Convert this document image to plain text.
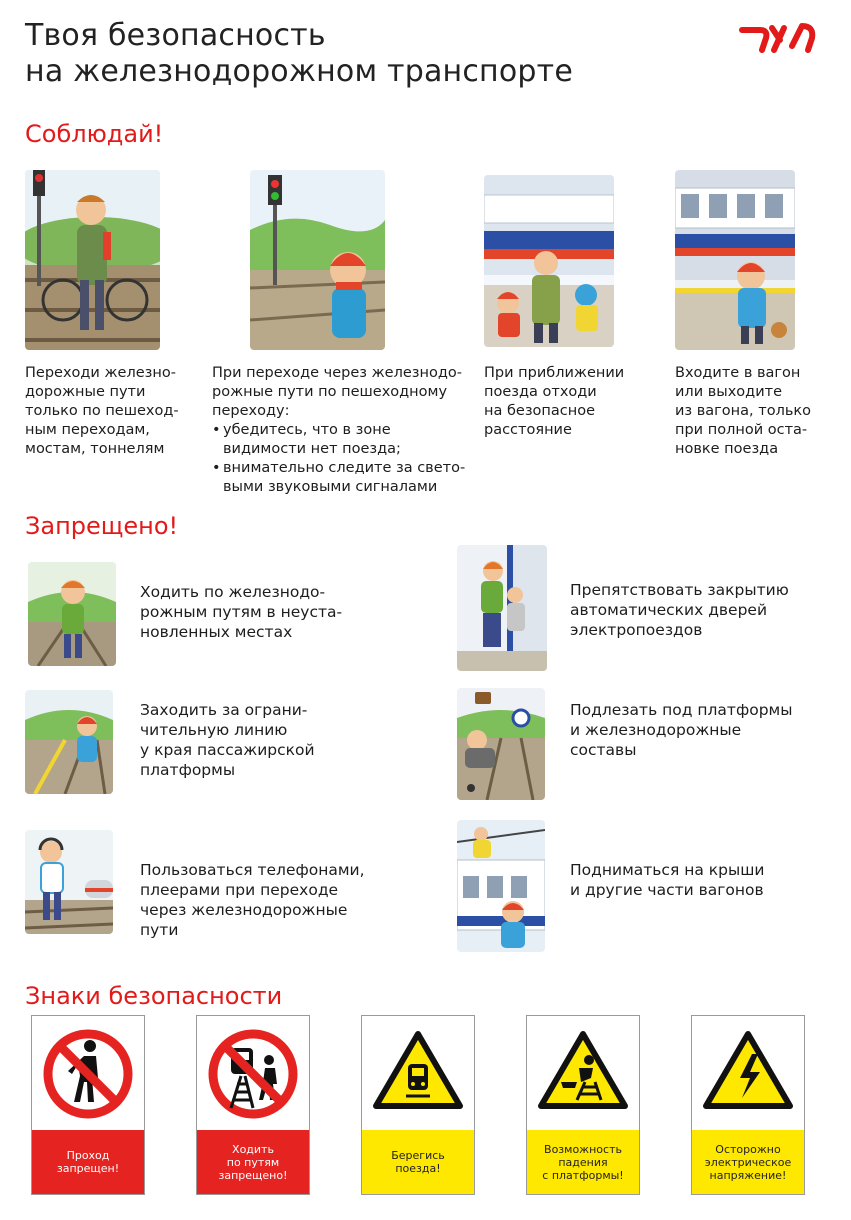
Твоя безопасность
на железнодорожном транспорте
Соблюдай!
Переходи железно-
дорожные пути
только по пешеход-
ным переходам,
мостам, тоннелям
При переходе через железнодо-
рожные пути по пешеходному
переходу:
• убедитесь, что в зоне
видимости нет поезда;
• внимательно следите за свето-
выми звуковыми сигналами
При приближении
поезда отходи
на безопасное
расстояние
Входите в вагон
или выходите
из вагона, только
при полной оста-
новке поезда
Запрещено!
Ходить по железнодо-
рожным путям в неуста-
новленных местах
Заходить за ограни-
чительную линию
у края пассажирской
платформы
Пользоваться телефонами,
плеерами при переходе
через железнодорожные
пути
Препятствовать закрытию
автоматических дверей
электропоездов
Подлезать под платформы
и железнодорожные
составы
Подниматься на крыши
и другие части вагонов
Знаки безопасности
Проход
запрещен!
Ходить
по путям
запрещено!
Берегись
поезда!
Возможность
падения
с платформы!
Осторожно
электрическое
напряжение!
